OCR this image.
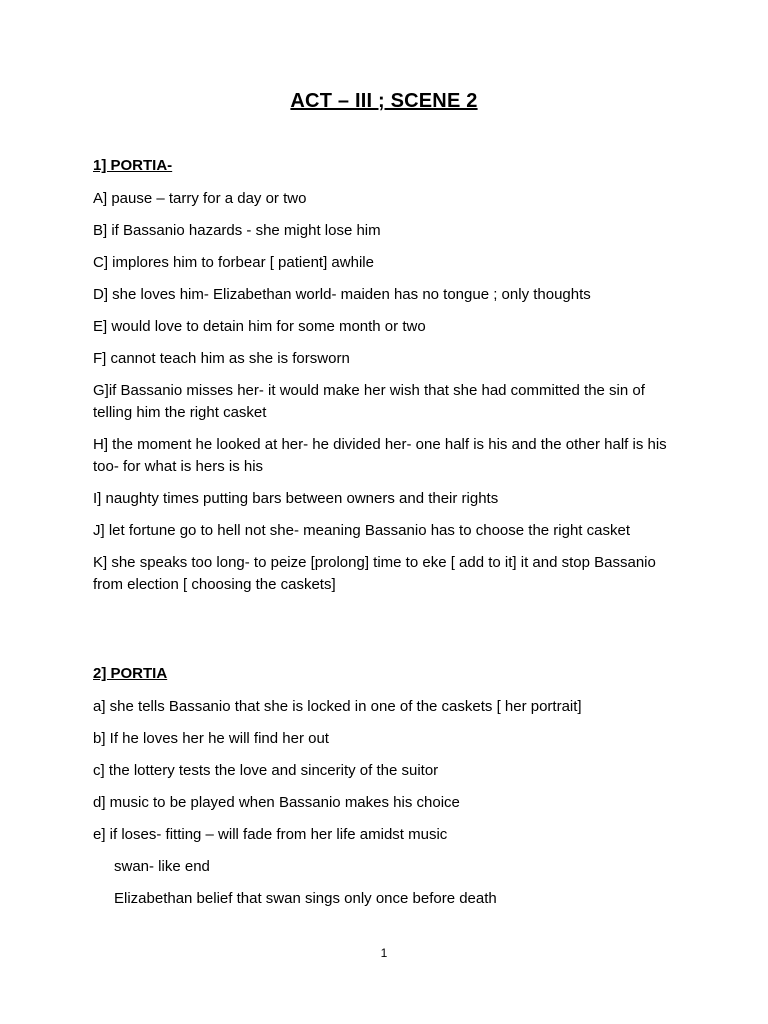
ACT – III ; SCENE 2
1] PORTIA-
A] pause – tarry for a day or two
B] if Bassanio hazards - she might lose him
C] implores him to forbear [ patient] awhile
D] she loves him- Elizabethan world- maiden has no tongue ; only thoughts
E] would love to detain him for some month or two
F] cannot teach him as she is forsworn
G]if Bassanio misses her- it would make her wish that she had committed the sin of telling him the right casket
H] the moment he looked at her- he divided her- one half is his and the other half is his too- for what is hers is his
I] naughty times putting bars between owners and their rights
J] let fortune go to hell not she- meaning Bassanio has to choose the right casket
K] she speaks too long- to peize [prolong] time to eke [ add to it] it and stop Bassanio from election [ choosing the caskets]
2] PORTIA
a] she tells Bassanio that she is locked in one of the caskets [ her portrait]
b] If he loves her he will find her out
c] the lottery tests the love and sincerity of the suitor
d] music to be played when Bassanio makes his choice
e] if loses- fitting – will fade from her life amidst music
swan- like end
Elizabethan belief that swan sings only once before death
1
